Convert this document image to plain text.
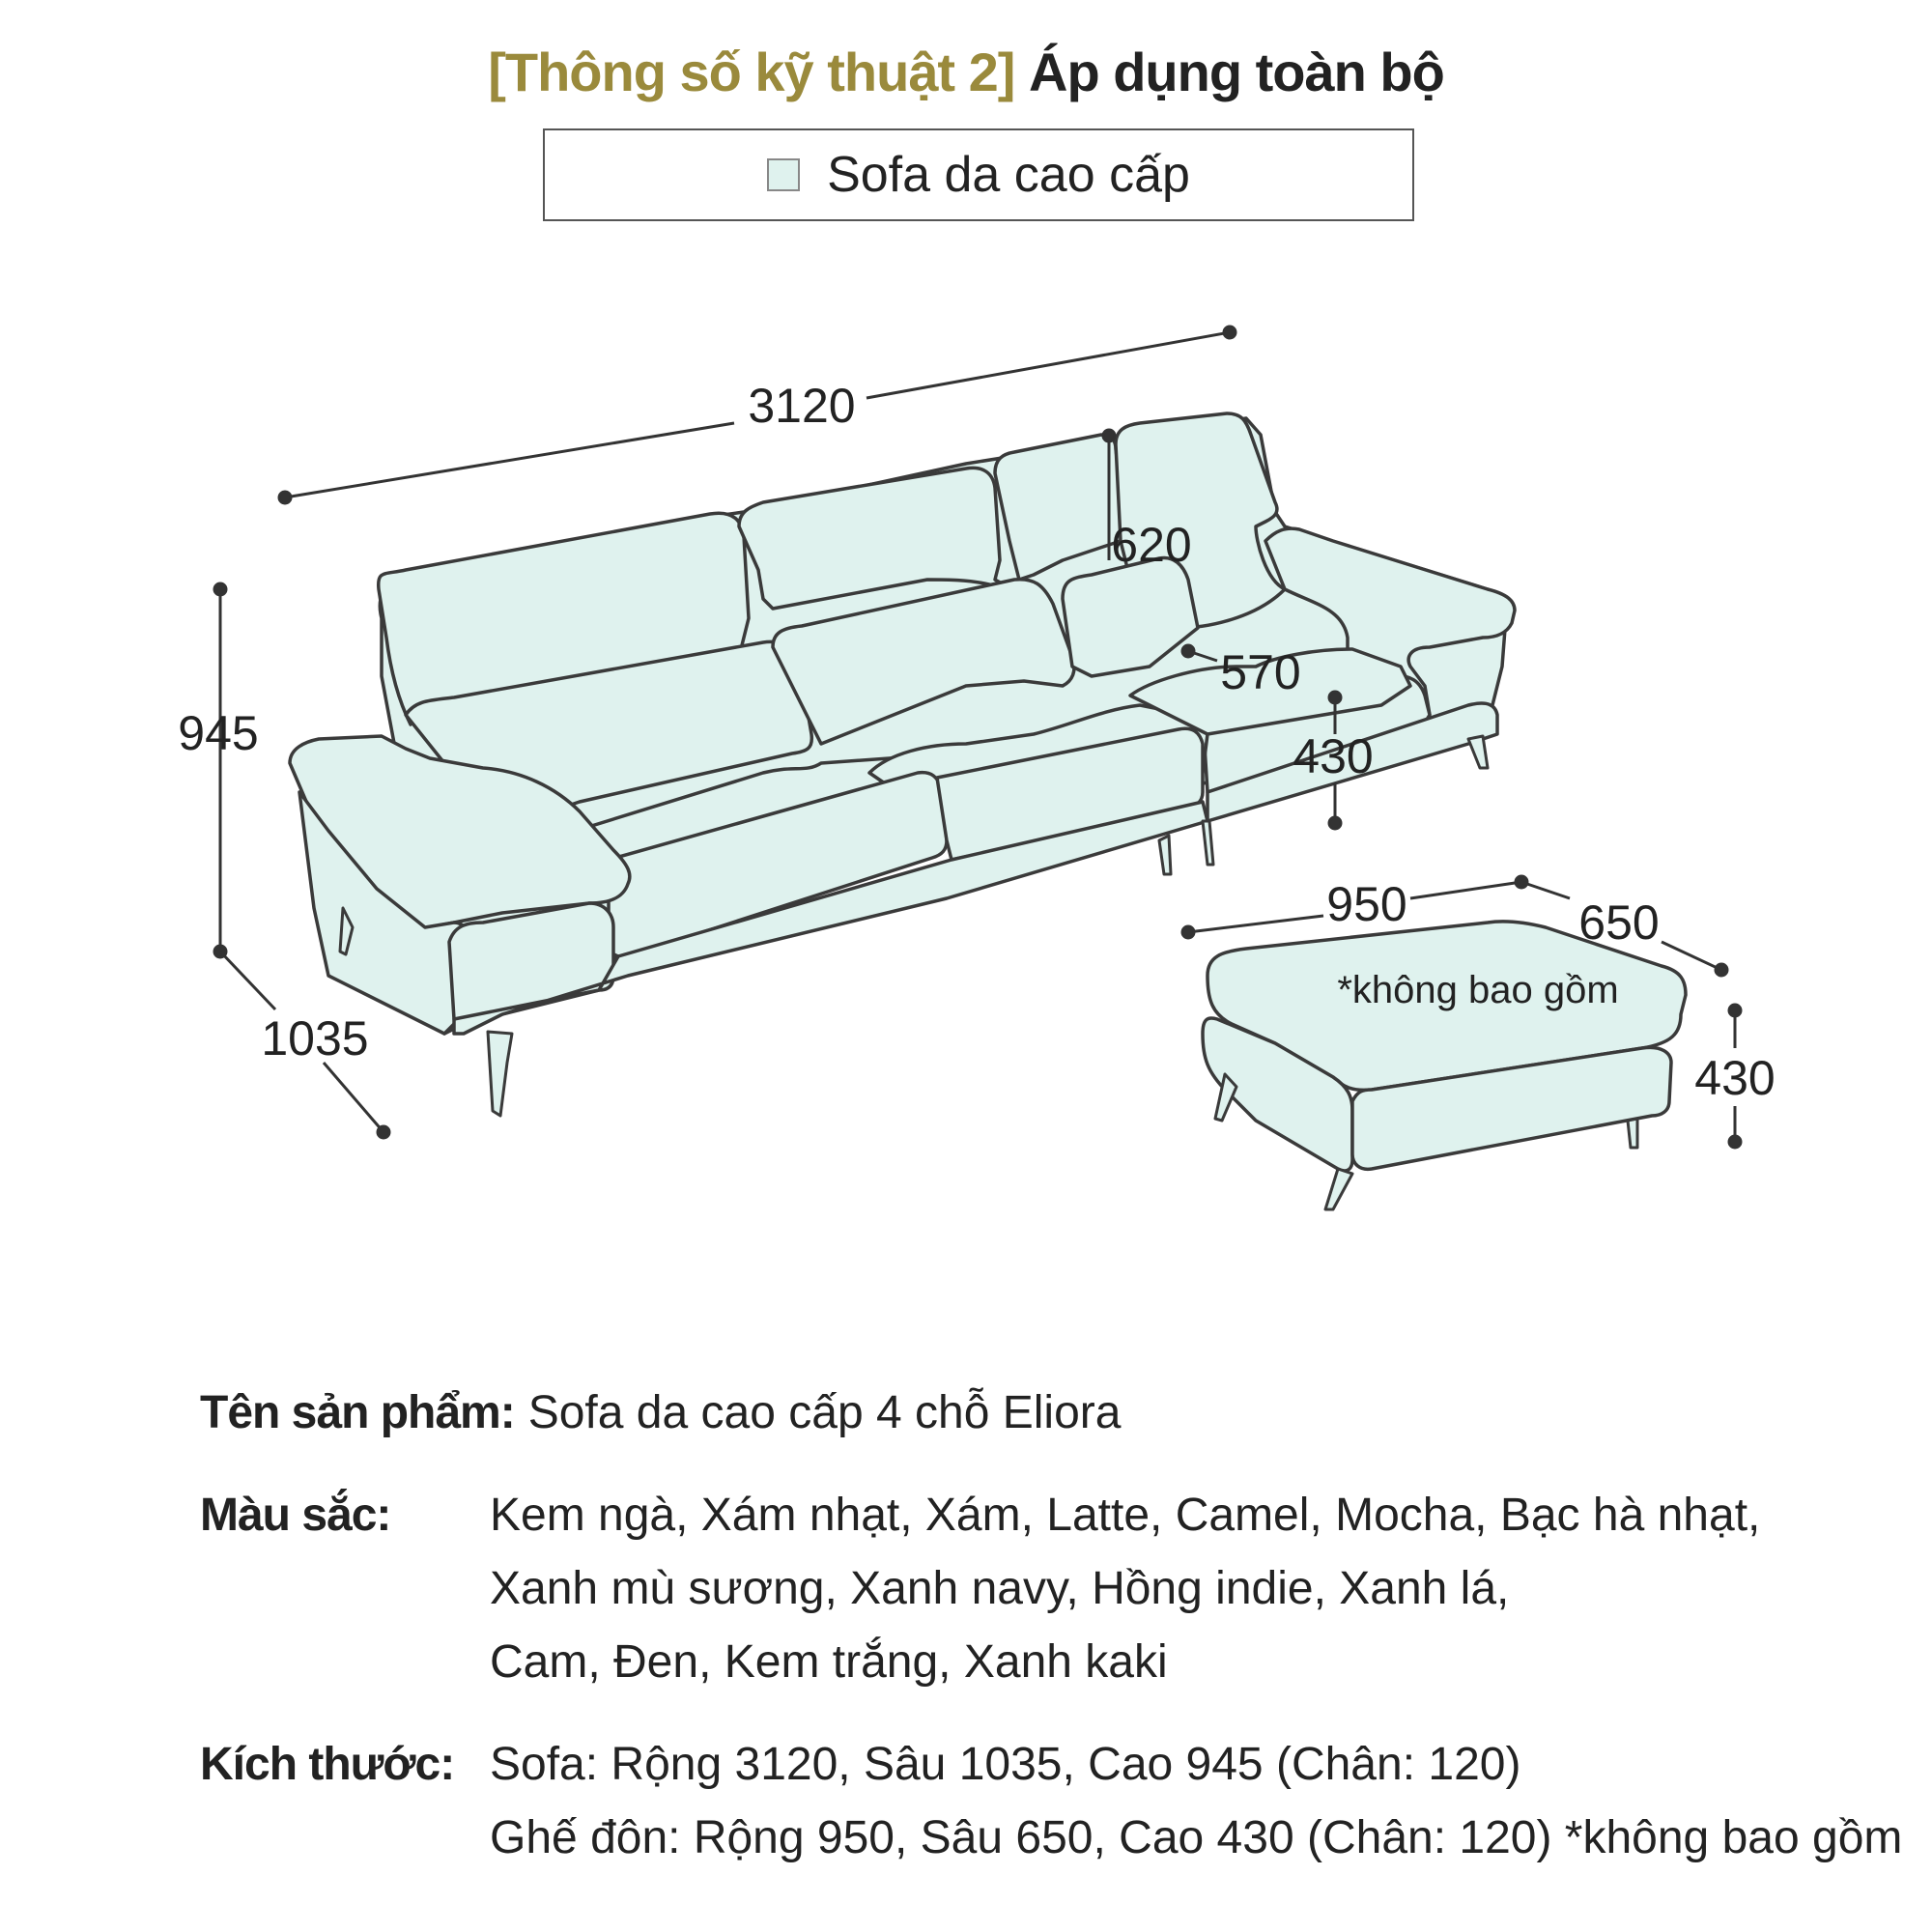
[Thông số kỹ thuật 2] Áp dụng toàn bộ
Sofa da cao cấp
3120
945
1035
620
570
430
950	650
430
*không bao gồm
Tên sản phẩm: Sofa da cao cấp 4 chỗ Eliora
Màu sắc:	Kem ngà, Xám nhạt, Xám, Latte, Camel, Mocha, Bạc hà nhạt,
Xanh mù sương, Xanh navy, Hồng indie, Xanh lá,
Cam, Đen, Kem trắng, Xanh kaki
Kích thước: Sofa: Rộng 3120, Sâu 1035, Cao 945 (Chân: 120)
Ghế đôn: Rộng 950, Sâu 650, Cao 430 (Chân: 120) *không bao gồm
